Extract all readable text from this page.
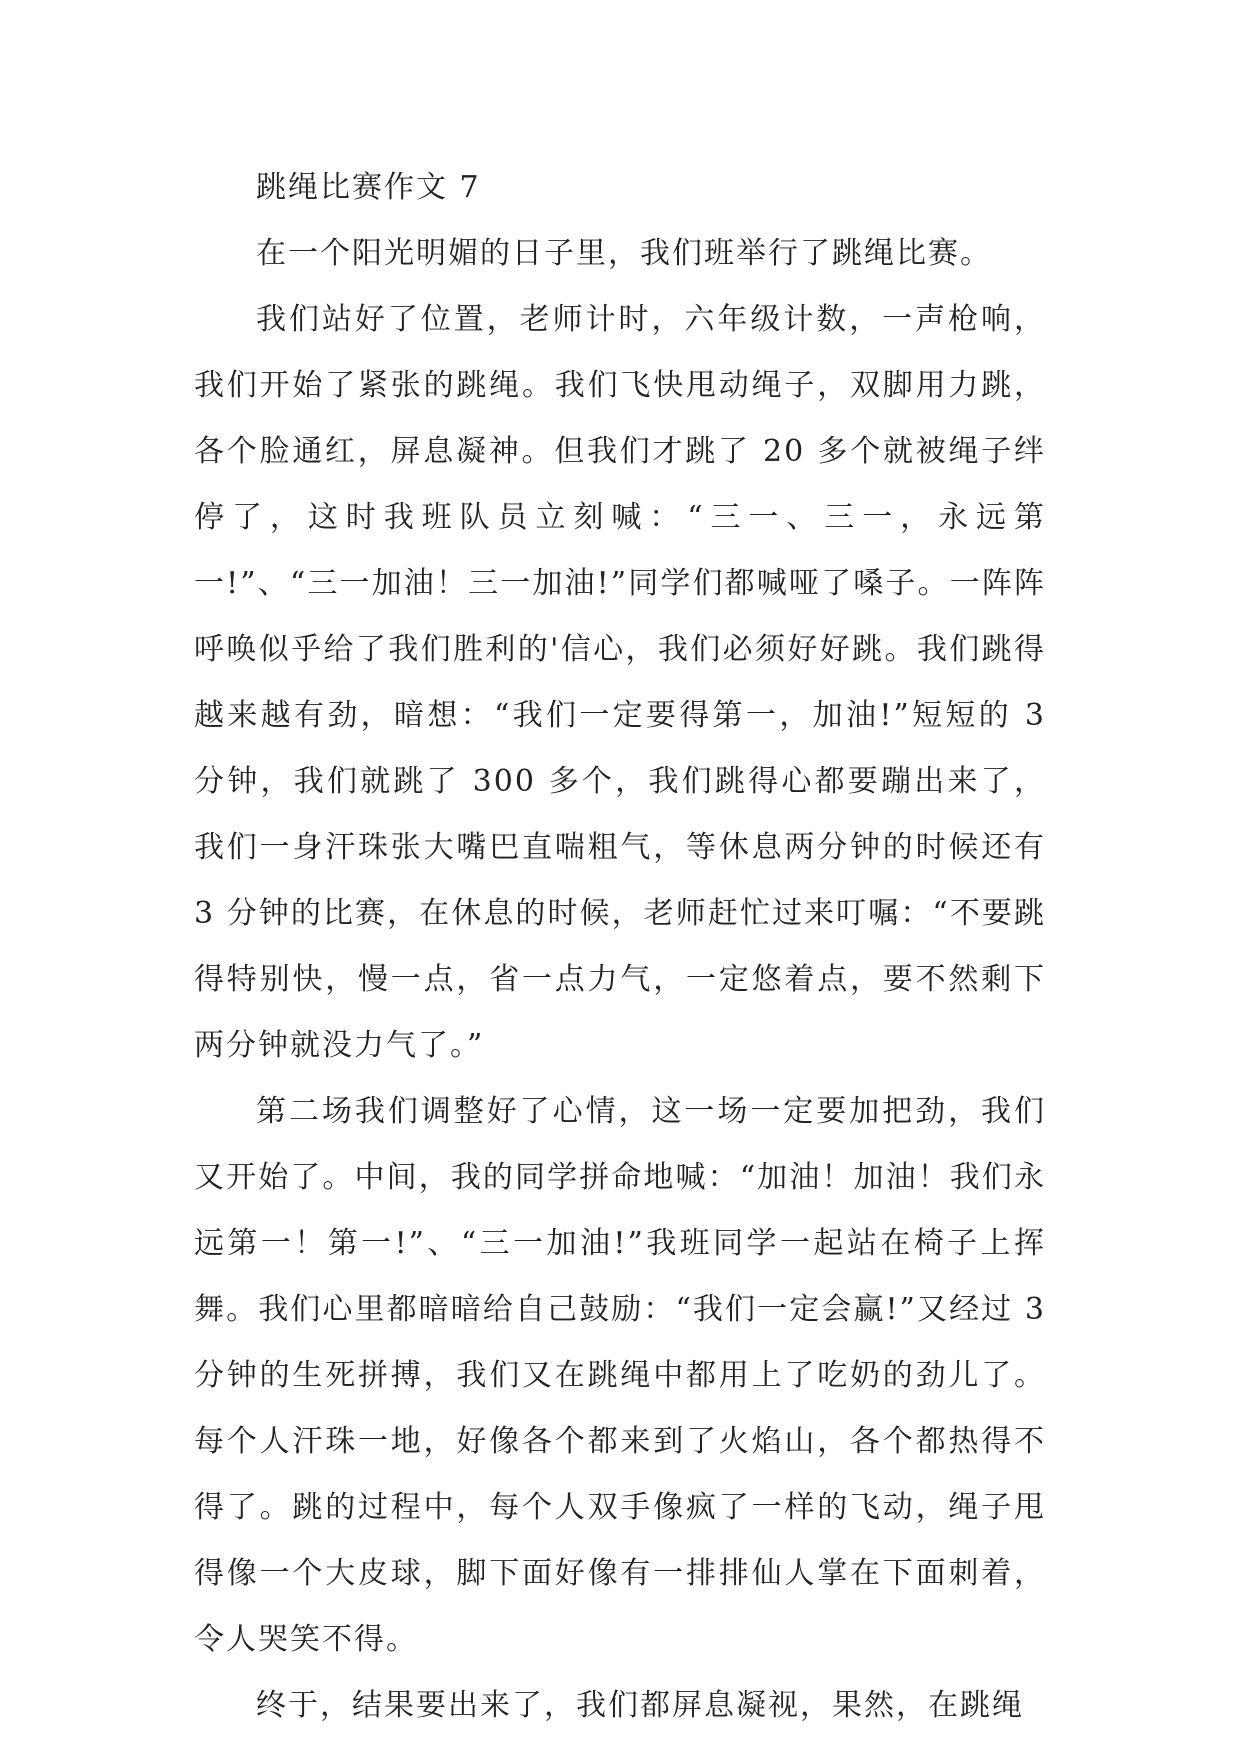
跳绳比赛作文 7

在一个阳光明媚的日子里，我们班举行了跳绳比赛。

我们站好了位置，老师计时，六年级计数，一声枪响，我们开始了紧张的跳绳。我们飞快甩动绳子，双脚用力跳，各个脸通红，屏息凝神。但我们才跳了 20 多个就被绳子绊停了，这时我班队员立刻喊：“三一、三一，永远第一!”、“三一加油！三一加油!”同学们都喊哑了嗓子。一阵阵呼唤似乎给了我们胜利的'信心，我们必须好好跳。我们跳得越来越有劲，暗想：“我们一定要得第一，加油!”短短的 3 分钟，我们就跳了 300 多个，我们跳得心都要蹦出来了，我们一身汗珠张大嘴巴直喘粗气，等休息两分钟的时候还有 3 分钟的比赛，在休息的时候，老师赶忙过来叮嘱：“不要跳得特别快，慢一点，省一点力气，一定悠着点，要不然剩下两分钟就没力气了。”

第二场我们调整好了心情，这一场一定要加把劲，我们又开始了。中间，我的同学拼命地喊：“加油！加油！我们永远第一！第一!”、“三一加油!”我班同学一起站在椅子上挥舞。我们心里都暗暗给自己鼓励：“我们一定会赢!”又经过 3 分钟的生死拼搏，我们又在跳绳中都用上了吃奶的劲儿了。每个人汗珠一地，好像各个都来到了火焰山，各个都热得不得了。跳的过程中，每个人双手像疯了一样的飞动，绳子甩得像一个大皮球，脚下面好像有一排排仙人掌在下面刺着，令人哭笑不得。

终于，结果要出来了，我们都屏息凝视，果然，在跳绳
